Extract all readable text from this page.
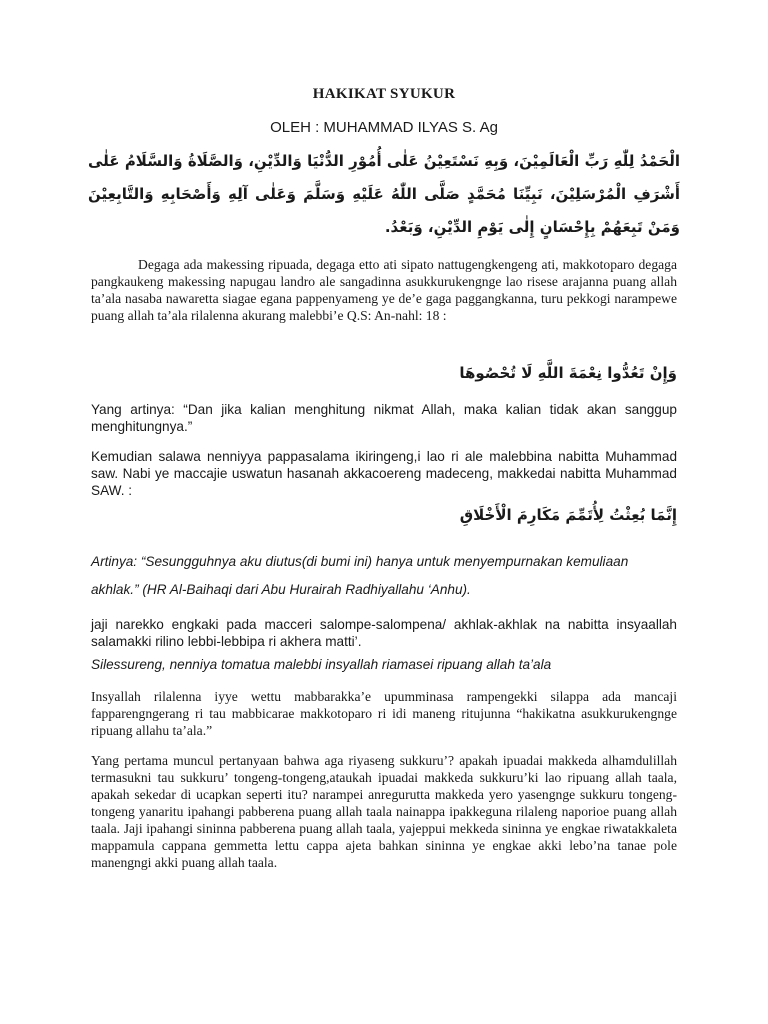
HAKIKAT SYUKUR
OLEH : MUHAMMAD ILYAS S. Ag
الْحَمْدُ لِلّٰهِ رَبِّ الْعَالَمِيْنَ، وَبِهِ نَسْتَعِيْنُ عَلٰى أُمُوْرِ الدُّنْيَا وَالدِّيْنِ، وَالصَّلَاةُ وَالسَّلَامُ عَلٰى أَشْرَفِ الْمُرْسَلِيْنَ، نَبِيِّنَا مُحَمَّدٍ صَلَّى اللّٰهُ عَلَيْهِ وَسَلَّمَ وَعَلٰى آلِهِ وَأَصْحَابِهِ وَالتَّابِعِيْنَ وَمَنْ تَبِعَهُمْ بِإِحْسَانٍ إِلٰى يَوْمِ الدِّيْنِ، وَبَعْدُ.

Degaga ada makessing ripuada, degaga etto ati sipato nattugengkengeng ati, makkotoparo degaga pangkaukeng makessing napugau landro ale sangadinna asukkurukengnge lao risese arajanna puang allah ta’ala nasaba nawaretta siagae egana pappenyameng ye de’e gaga paggangkanna, turu pekkogi narampewe puang allah ta’ala rilalenna akurang malebbi’e Q.S: An-nahl: 18 :

وَإِنْ تَعُدُّوا نِعْمَةَ اللَّهِ لَا تُحْصُوهَا

Yang artinya: “Dan jika kalian menghitung nikmat Allah, maka kalian tidak akan sanggup menghitungnya.”

Kemudian salawa nenniyya pappasalama ikiringeng,i lao ri ale malebbina nabitta Muhammad saw. Nabi ye maccajie uswatun hasanah akkacoereng madeceng, makkedai nabitta Muhammad SAW. :

إِنَّمَا بُعِثْتُ لِأُتَمِّمَ مَكَارِمَ الْأَخْلَاقِ

Artinya: “Sesungguhnya aku diutus(di bumi ini) hanya untuk menyempurnakan kemuliaan

akhlak.” (HR Al-Baihaqi dari Abu Hurairah Radhiyallahu ‘Anhu).

jaji narekko engkaki pada macceri salompe-salompena/ akhlak-akhlak na nabitta insyaallah salamakki rilino lebbi-lebbipa ri akhera matti’.

Silessureng, nenniya tomatua malebbi insyallah riamasei ripuang allah ta’ala

Insyallah rilalenna iyye wettu mabbarakka’e upumminasa rampengekki silappa ada mancaji fapparengngerang ri tau mabbicarae makkotoparo ri idi maneng ritujunna “hakikatna asukkurukengnge ripuang allahu ta’ala.”

Yang pertama muncul pertanyaan bahwa aga riyaseng sukkuru’? apakah ipuadai makkeda alhamdulillah termasukni tau sukkuru’ tongeng-tongeng,ataukah ipuadai makkeda sukkuru’ki lao ripuang allah taala, apakah sekedar di ucapkan seperti itu? narampei anregurutta makkeda yero yasengnge sukkuru tongeng-tongeng yanaritu ipahangi pabberena puang allah taala nainappa ipakkeguna rilaleng naporioe puang allah taala. Jaji ipahangi sininna pabberena puang allah taala, yajeppui mekkeda sininna ye engkae riwatakkaleta mappamula cappana gemmetta lettu cappa ajeta bahkan sininna ye engkae akki lebo’na tanae pole manengngi akki puang allah taala.
